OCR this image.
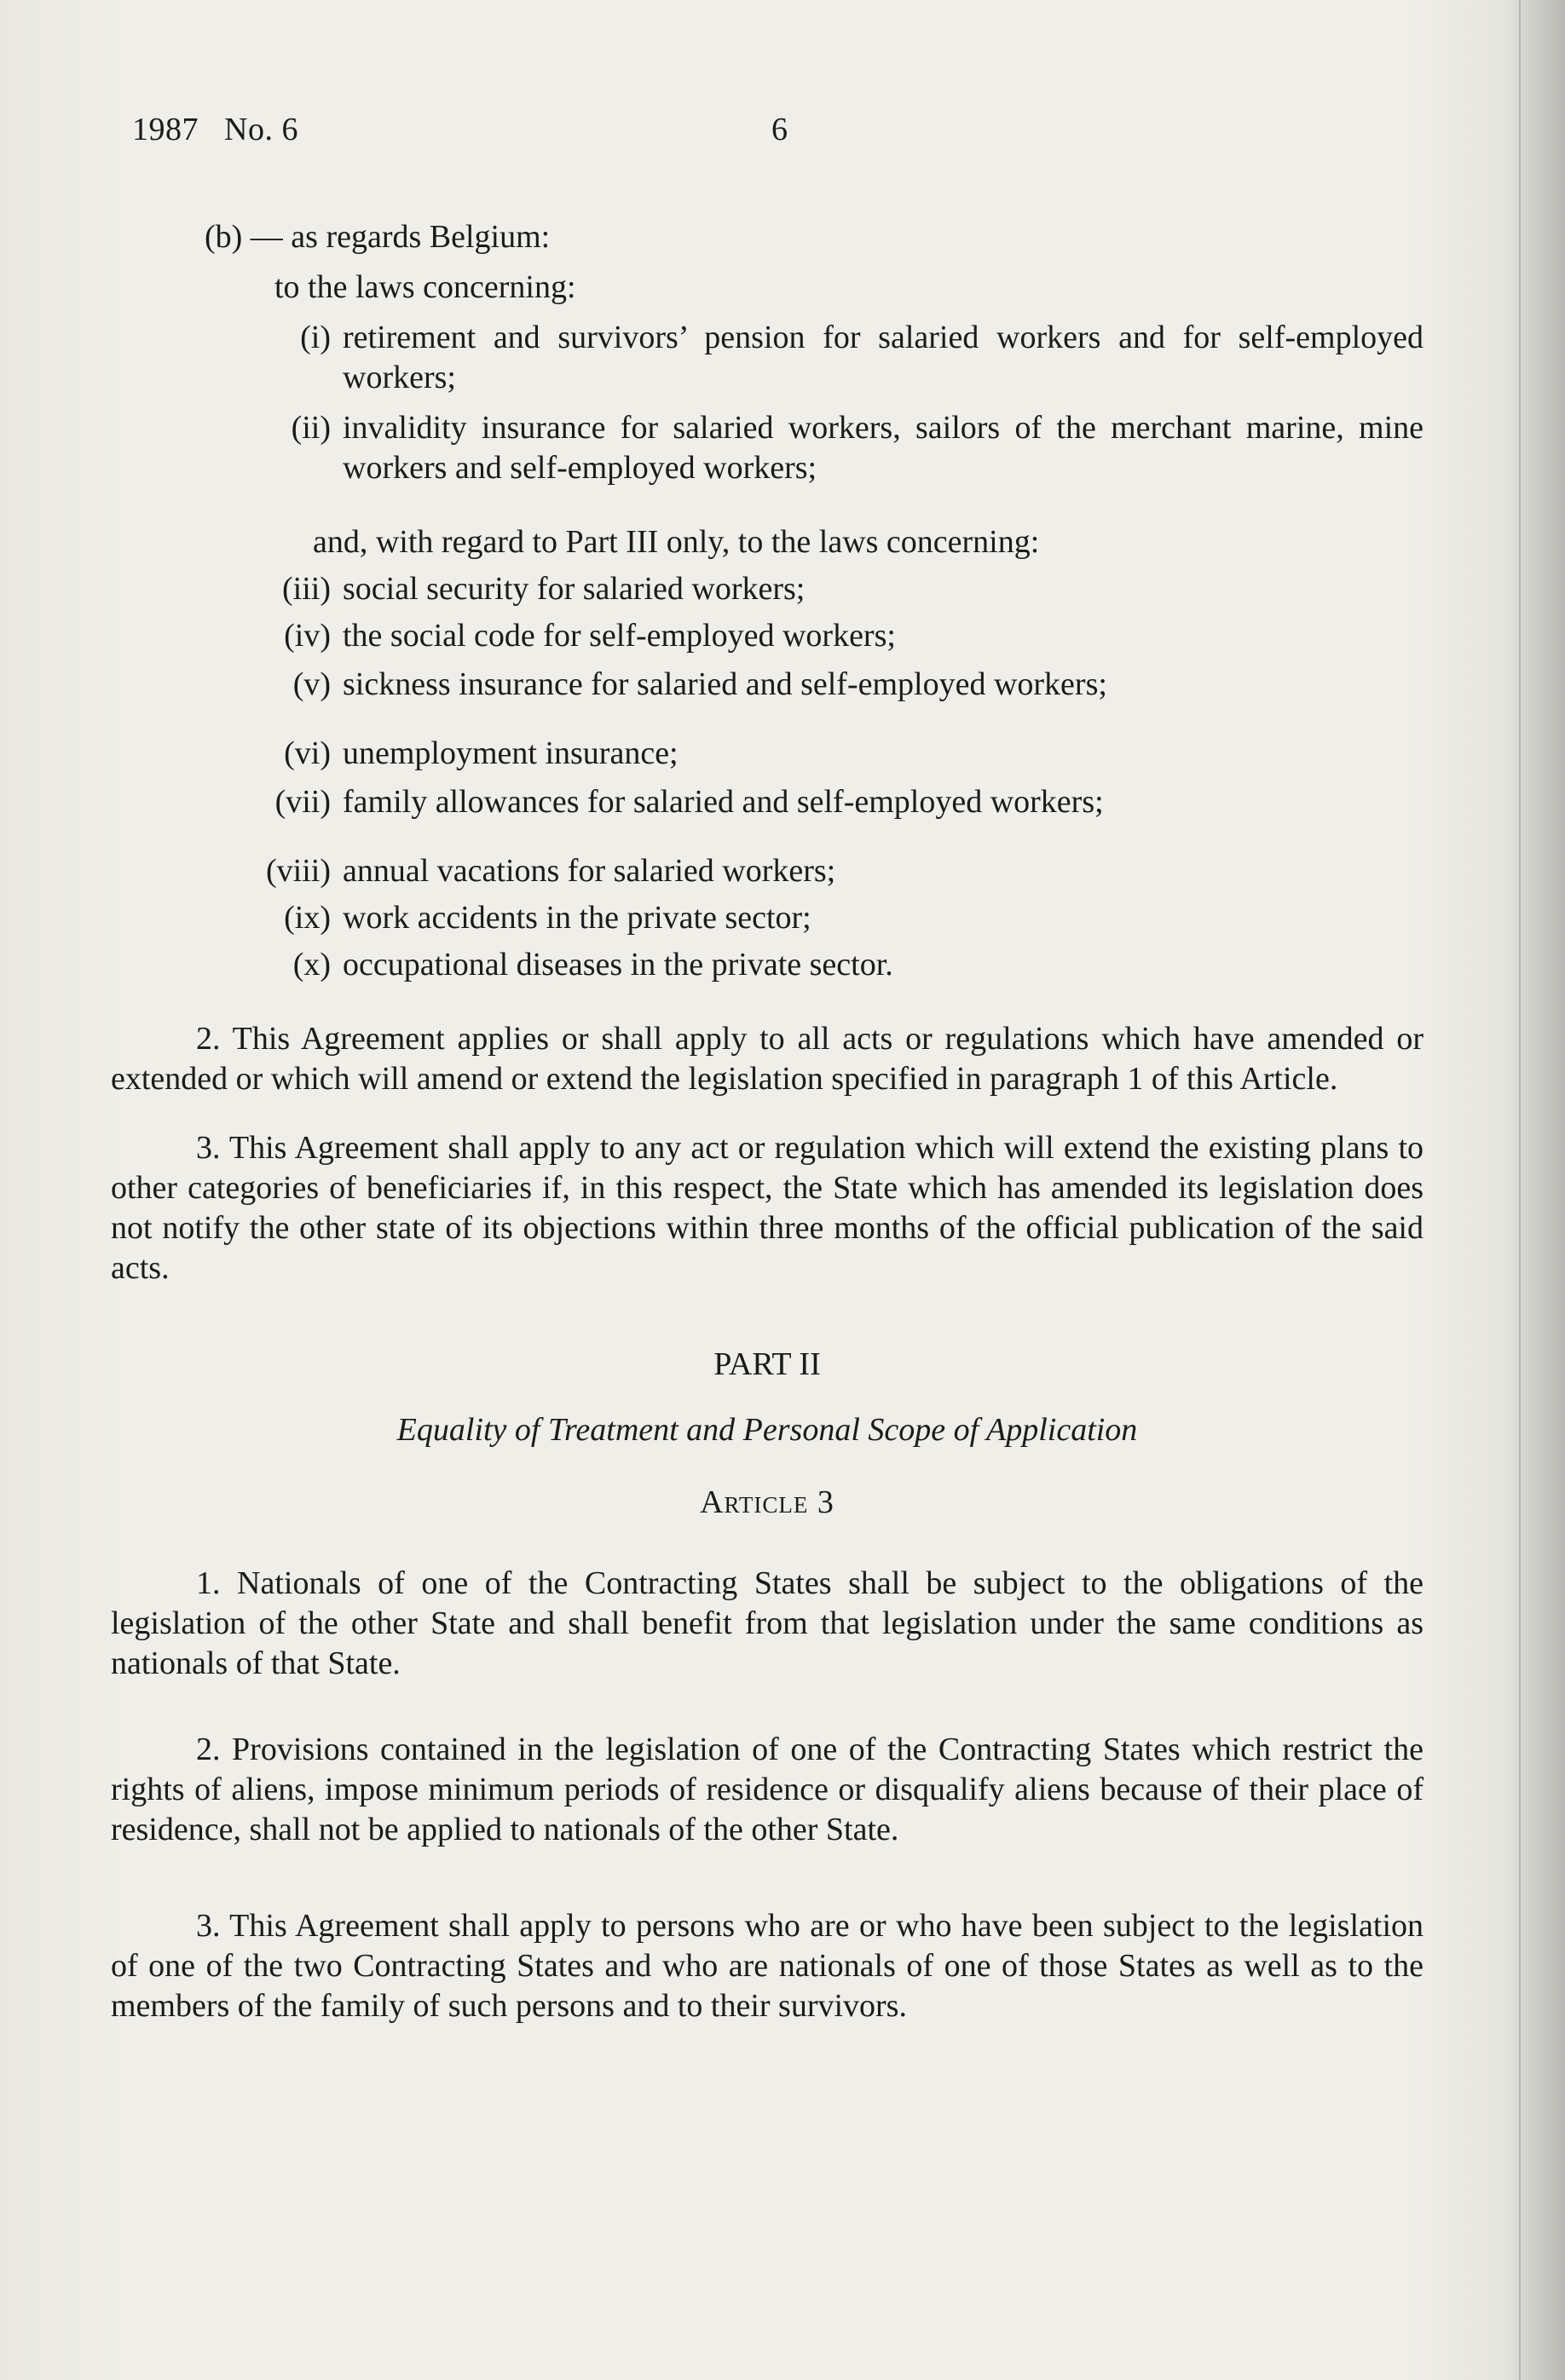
1987   No. 6	6

(b) — as regards Belgium:

to the laws concerning:

(i) retirement and survivors’ pension for salaried workers and for self-employed workers;
(ii) invalidity insurance for salaried workers, sailors of the merchant marine, mine workers and self-employed workers;

and, with regard to Part III only, to the laws concerning:

(iii) social security for salaried workers;
(iv) the social code for self-employed workers;
(v) sickness insurance for salaried and self-employed workers;
(vi) unemployment insurance;
(vii) family allowances for salaried and self-employed workers;
(viii) annual vacations for salaried workers;
(ix) work accidents in the private sector;
(x) occupational diseases in the private sector.

2. This Agreement applies or shall apply to all acts or regulations which have amended or extended or which will amend or extend the legislation specified in paragraph 1 of this Article.

3. This Agreement shall apply to any act or regulation which will extend the existing plans to other categories of beneficiaries if, in this respect, the State which has amended its legislation does not notify the other state of its objections within three months of the official publication of the said acts.

PART II

Equality of Treatment and Personal Scope of Application

Article 3

1. Nationals of one of the Contracting States shall be subject to the obligations of the legislation of the other State and shall benefit from that legislation under the same conditions as nationals of that State.

2. Provisions contained in the legislation of one of the Contracting States which restrict the rights of aliens, impose minimum periods of residence or disqualify aliens because of their place of residence, shall not be applied to nationals of the other State.

3. This Agreement shall apply to persons who are or who have been subject to the legislation of one of the two Contracting States and who are nationals of one of those States as well as to the members of the family of such persons and to their survivors.
